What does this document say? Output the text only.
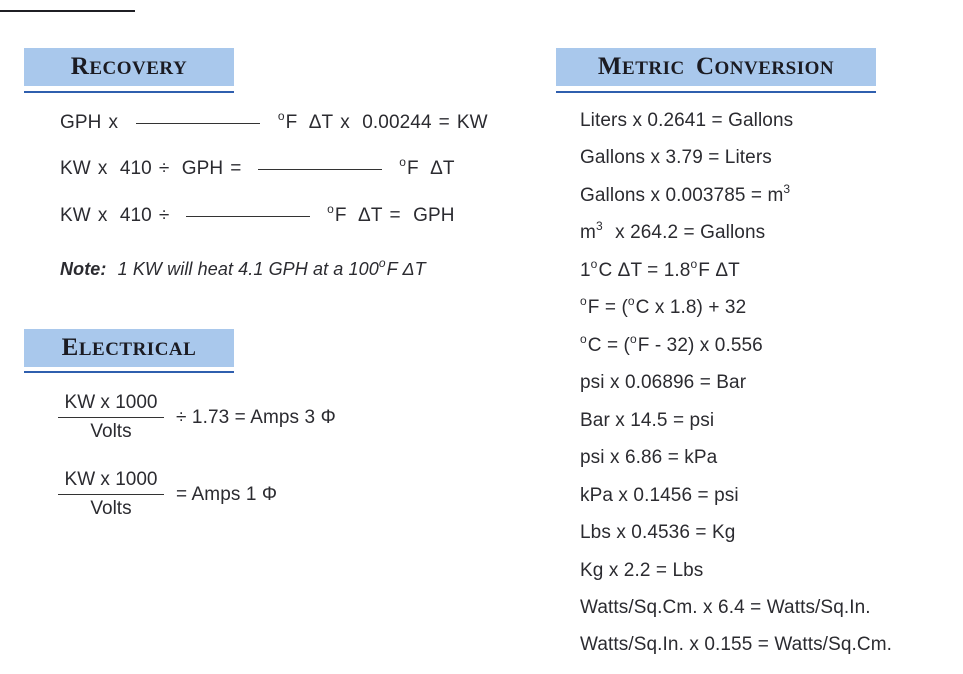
RECOVERY
GPH x	oF ΔT x 0.00244 = KW
KW x 410 ÷ GPH =	oF ΔT
KW x 410 ÷	oF ΔT = GPH
Note: 1 KW will heat 4.1 GPH at a 100oF ΔT
ELECTRICAL
KW x 1000
Volts
÷ 1.73 = Amps 3 Φ
KW x 1000
Volts
= Amps 1 Φ
METRIC CONVERSION
Liters x 0.2641 = Gallons
Gallons x 3.79 = Liters
Gallons x 0.003785 = m3
m3 x 264.2 = Gallons
1oC ΔT = 1.8oF ΔT
oF = (oC x 1.8) + 32
oC = (oF - 32) x 0.556
psi x 0.06896 = Bar
Bar x 14.5 = psi
psi x 6.86 = kPa
kPa x 0.1456 = psi
Lbs x 0.4536 = Kg
Kg x 2.2 = Lbs
Watts/Sq.Cm. x 6.4 = Watts/Sq.In.
Watts/Sq.In. x 0.155 = Watts/Sq.Cm.
